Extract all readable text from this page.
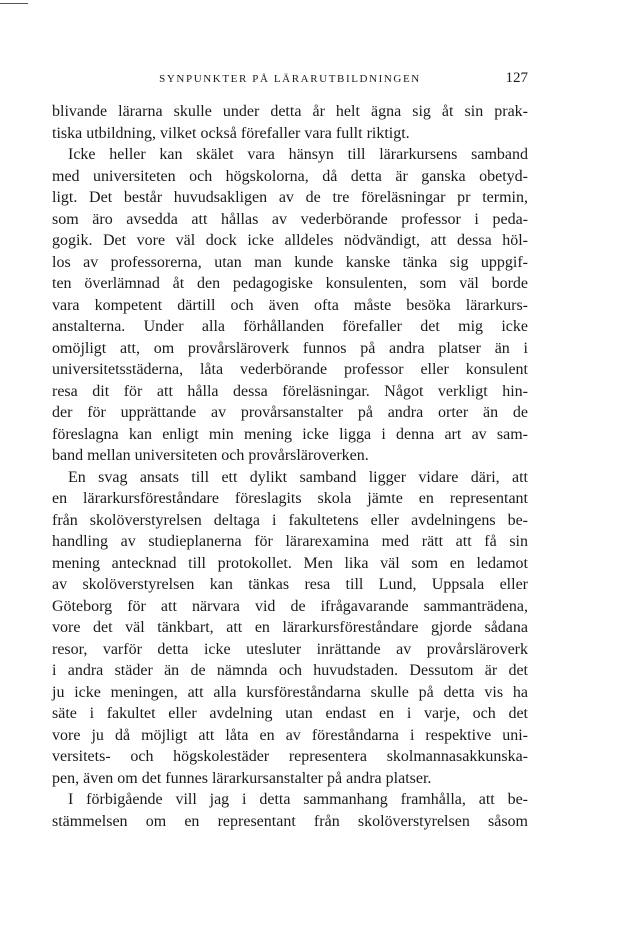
SYNPUNKTER PÅ LÄRARUTBILDNINGEN	127
blivande lärarna skulle under detta år helt ägna sig åt sin prak-
tiska utbildning, vilket också förefaller vara fullt riktigt.
Icke heller kan skälet vara hänsyn till lärarkursens samband
med universiteten och högskolorna, då detta är ganska obetyd-
ligt. Det består huvudsakligen av de tre föreläsningar pr termin,
som äro avsedda att hållas av vederbörande professor i peda-
gogik. Det vore väl dock icke alldeles nödvändigt, att dessa höl-
los av professorerna, utan man kunde kanske tänka sig uppgif-
ten överlämnad åt den pedagogiske konsulenten, som väl borde
vara kompetent därtill och även ofta måste besöka lärarkurs-
anstalterna. Under alla förhållanden förefaller det mig icke
omöjligt att, om provårsläroverk funnos på andra platser än i
universitetsstäderna, låta vederbörande professor eller konsulent
resa dit för att hålla dessa föreläsningar. Något verkligt hin-
der för upprättande av provårsanstalter på andra orter än de
föreslagna kan enligt min mening icke ligga i denna art av sam-
band mellan universiteten och provårsläroverken.
En svag ansats till ett dylikt samband ligger vidare däri, att
en lärarkursföreståndare föreslagits skola jämte en representant
från skolöverstyrelsen deltaga i fakultetens eller avdelningens be-
handling av studieplanerna för lärarexamina med rätt att få sin
mening antecknad till protokollet. Men lika väl som en ledamot
av skolöverstyrelsen kan tänkas resa till Lund, Uppsala eller
Göteborg för att närvara vid de ifrågavarande sammanträdena,
vore det väl tänkbart, att en lärarkursföreståndare gjorde sådana
resor, varför detta icke utesluter inrättande av provårsläroverk
i andra städer än de nämnda och huvudstaden. Dessutom är det
ju icke meningen, att alla kursföreståndarna skulle på detta vis ha
säte i fakultet eller avdelning utan endast en i varje, och det
vore ju då möjligt att låta en av föreståndarna i respektive uni-
versitets- och högskolestäder representera skolmannasakkunska-
pen, även om det funnes lärarkursanstalter på andra platser.
I förbigående vill jag i detta sammanhang framhålla, att be-
stämmelsen om en representant från skolöverstyrelsen såsom
